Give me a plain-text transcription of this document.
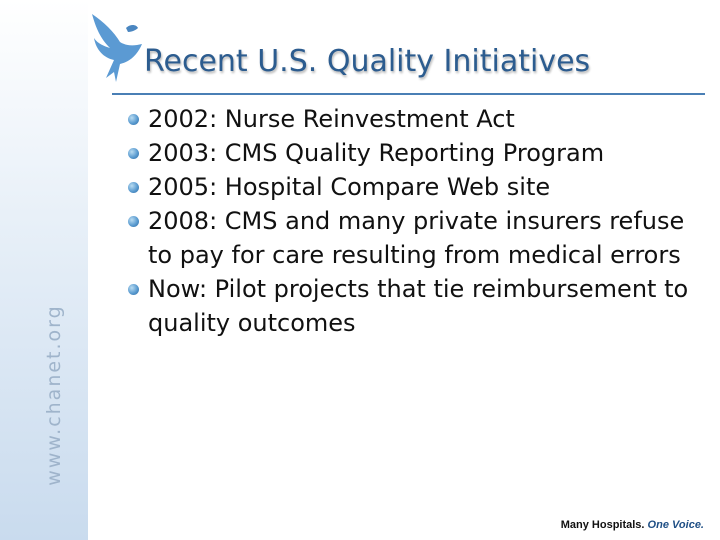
www.chanet.org
Recent U.S. Quality Initiatives
2002: Nurse Reinvestment Act
2003: CMS Quality Reporting Program
2005: Hospital Compare Web site
2008: CMS and many private insurers refuse to pay for care resulting from medical errors
Now: Pilot projects that tie reimbursement to quality outcomes
Many Hospitals. One Voice.
